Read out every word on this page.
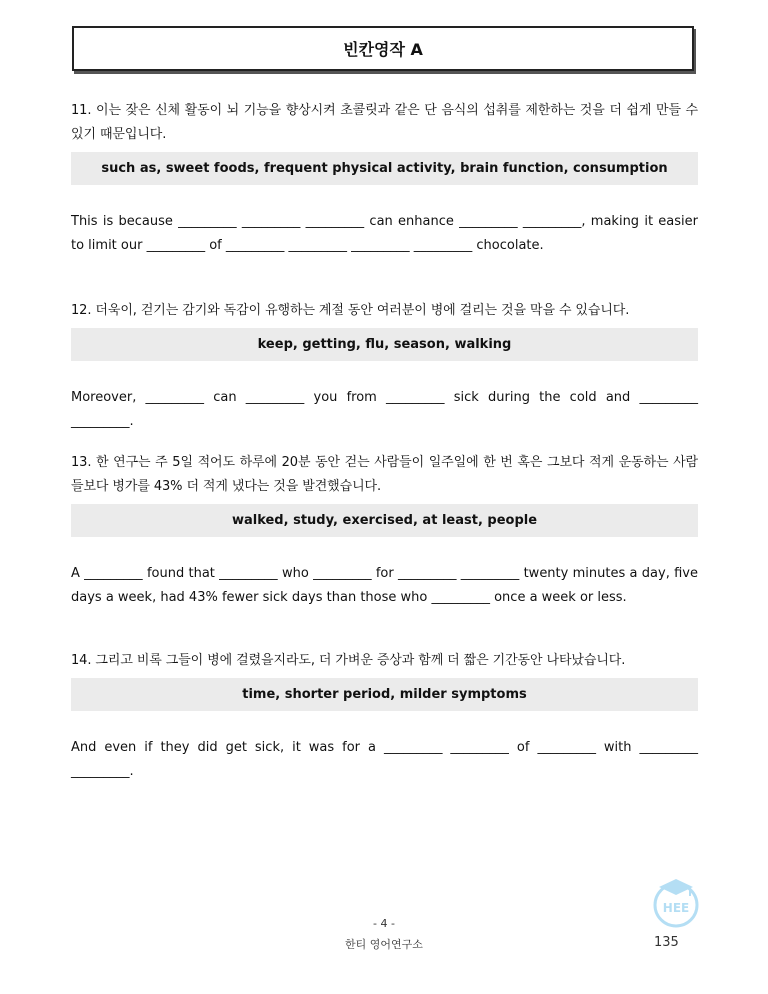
빈칸영작 A
11. 이는 잦은 신체 활동이 뇌 기능을 향상시켜 초콜릿과 같은 단 음식의 섭취를 제한하는 것을 더 쉽게 만들 수 있기 때문입니다.
such as, sweet foods, frequent physical activity, brain function, consumption
This is because _________ _________ _________ can enhance _________ _________, making it easier to limit our _________ of _________ _________ _________ _________ chocolate.
12. 더욱이, 걷기는 감기와 독감이 유행하는 계절 동안 여러분이 병에 걸리는 것을 막을 수 있습니다.
keep, getting, flu, season, walking
Moreover, _________ can _________ you from _________ sick during the cold and _________ _________.
13. 한 연구는 주 5일 적어도 하루에 20분 동안 걷는 사람들이 일주일에 한 번 혹은 그보다 적게 운동하는 사람들보다 병가를 43% 더 적게 냈다는 것을 발견했습니다.
walked, study, exercised, at least, people
A _________ found that _________ who _________ for _________ _________ twenty minutes a day, five days a week, had 43% fewer sick days than those who _________ once a week or less.
14. 그리고 비록 그들이 병에 걸렸을지라도, 더 가벼운 증상과 함께 더 짧은 기간동안 나타났습니다.
time, shorter period, milder symptoms
And even if they did get sick, it was for a _________ _________ of _________ with _________ _________.
HEE
- 4 -
한티 영어연구소	135
